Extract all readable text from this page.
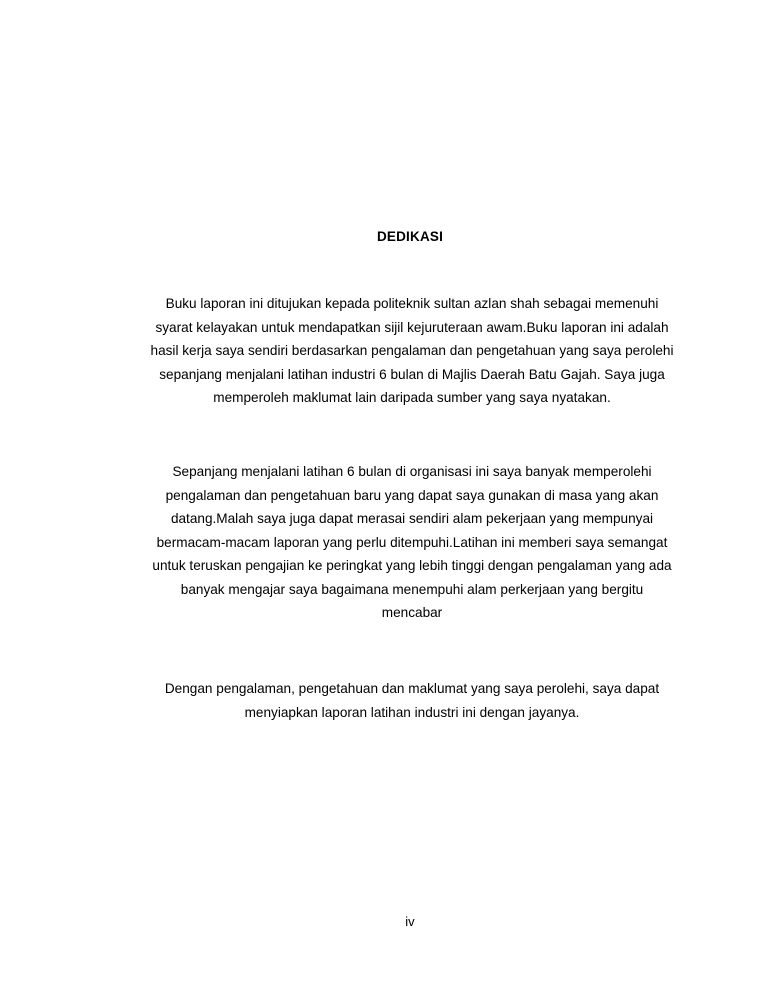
DEDIKASI
Buku laporan ini ditujukan kepada politeknik sultan azlan shah sebagai memenuhi
syarat kelayakan untuk mendapatkan sijil kejuruteraan awam.Buku laporan ini adalah
hasil kerja saya sendiri berdasarkan pengalaman dan pengetahuan yang saya perolehi
sepanjang menjalani latihan industri 6 bulan di Majlis Daerah Batu Gajah. Saya juga
memperoleh maklumat lain daripada sumber yang saya nyatakan.
Sepanjang menjalani latihan 6 bulan di organisasi ini saya banyak memperolehi
pengalaman dan pengetahuan baru yang dapat saya gunakan di masa yang akan
datang.Malah saya juga dapat merasai sendiri alam pekerjaan yang mempunyai
bermacam-macam laporan yang perlu ditempuhi.Latihan ini memberi saya semangat
untuk teruskan pengajian ke peringkat yang lebih tinggi dengan pengalaman yang ada
banyak mengajar saya bagaimana menempuhi alam perkerjaan yang bergitu
mencabar
Dengan pengalaman, pengetahuan dan maklumat yang saya perolehi, saya dapat
menyiapkan laporan latihan industri ini dengan jayanya.
iv
